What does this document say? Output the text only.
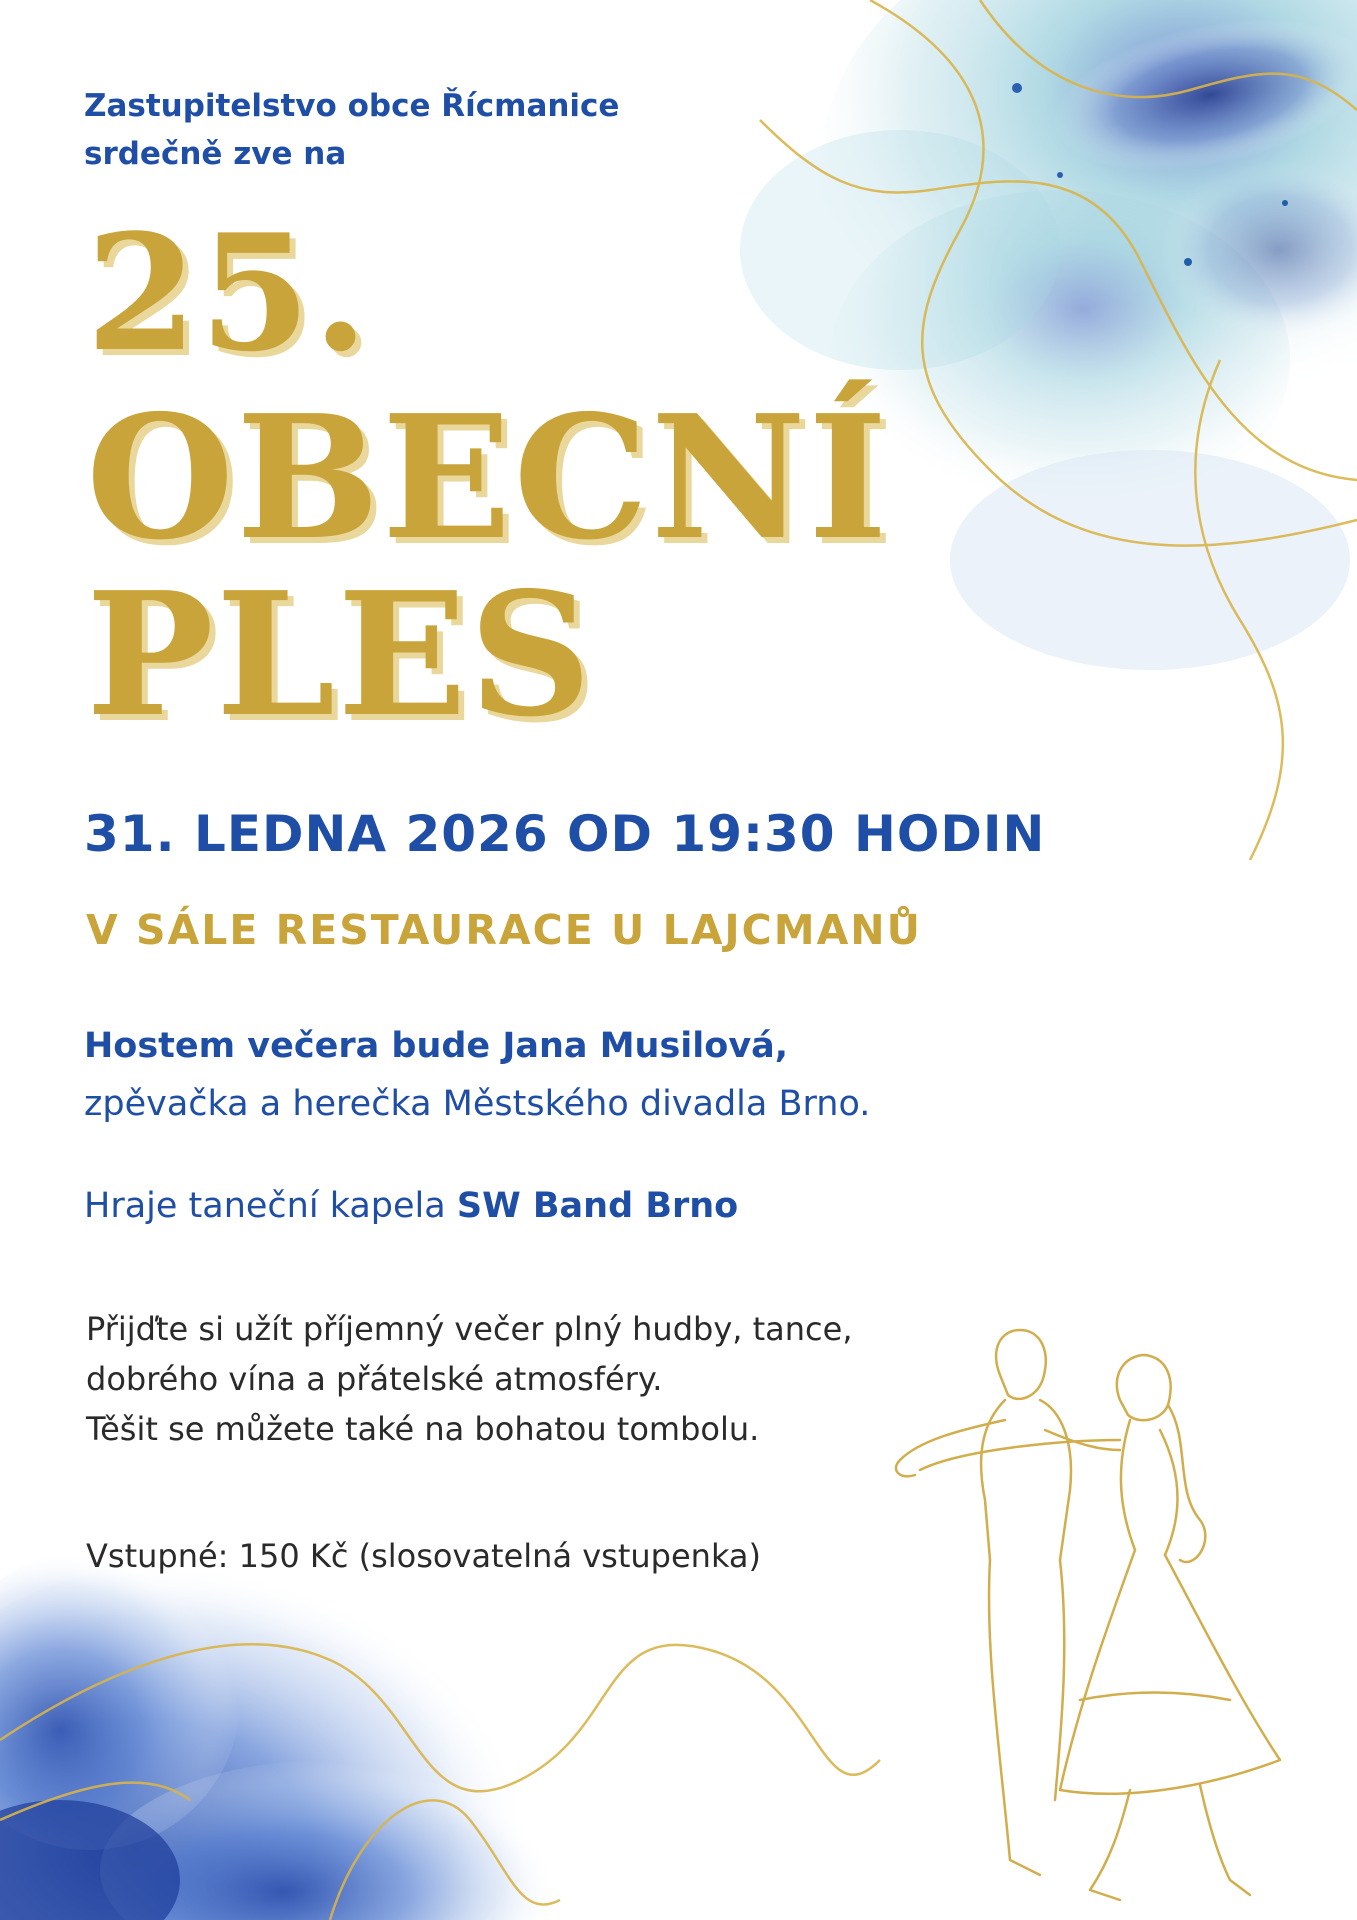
Zastupitelstvo obce Řícmanice
srdečně zve na

25.
OBECNÍ
PLES

31. LEDNA 2026 OD 19:30 HODIN

V SÁLE RESTAURACE U LAJCMANŮ

Hostem večera bude Jana Musilová,

zpěvačka a herečka Městského divadla Brno.

Hraje taneční kapela SW Band Brno

Přijďte si užít příjemný večer plný hudby, tance,
dobrého vína a přátelské atmosféry.
Těšit se můžete také na bohatou tombolu.

Vstupné: 150 Kč (slosovatelná vstupenka)
